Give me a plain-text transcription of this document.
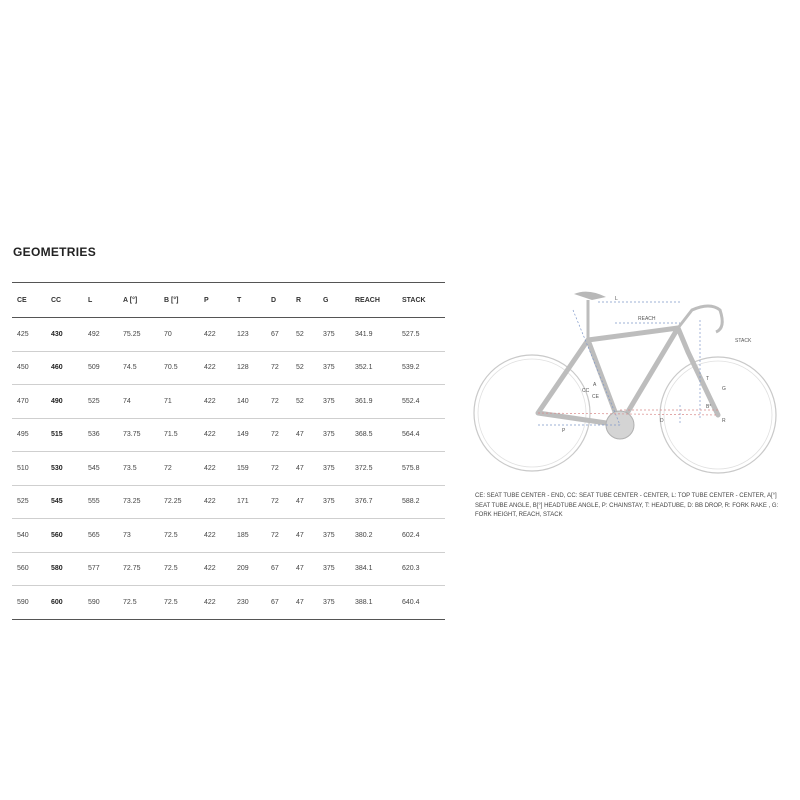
GEOMETRIES
CE	CC	L	A [°]	B [°]	P	T	D	R	G	REACH	STACK
425	430	492	75.25	70	422	123	67	52	375	341.9	527.5
450	460	509	74.5	70.5	422	128	72	52	375	352.1	539.2
470	490	525	74	71	422	140	72	52	375	361.9	552.4
495	515	536	73.75	71.5	422	149	72	47	375	368.5	564.4
510	530	545	73.5	72	422	159	72	47	375	372.5	575.8
525	545	555	73.25	72.25	422	171	72	47	375	376.7	588.2
540	560	565	73	72.5	422	185	72	47	375	380.2	602.4
560	580	577	72.75	72.5	422	209	67	47	375	384.1	620.3
590	600	590	72.5	72.5	422	230	67	47	375	388.1	640.4
L
REACH
STACK
CC
CE
A
B°
P
D	R
G
T
CE: SEAT TUBE CENTER - END, CC: SEAT TUBE CENTER - CENTER, L: TOP TUBE CENTER - CENTER, A[°] SEAT TUBE ANGLE, B[°] HEADTUBE ANGLE, P: CHAINSTAY, T: HEADTUBE, D: BB DROP, R: FORK RAKE , G: FORK HEIGHT, REACH, STACK
